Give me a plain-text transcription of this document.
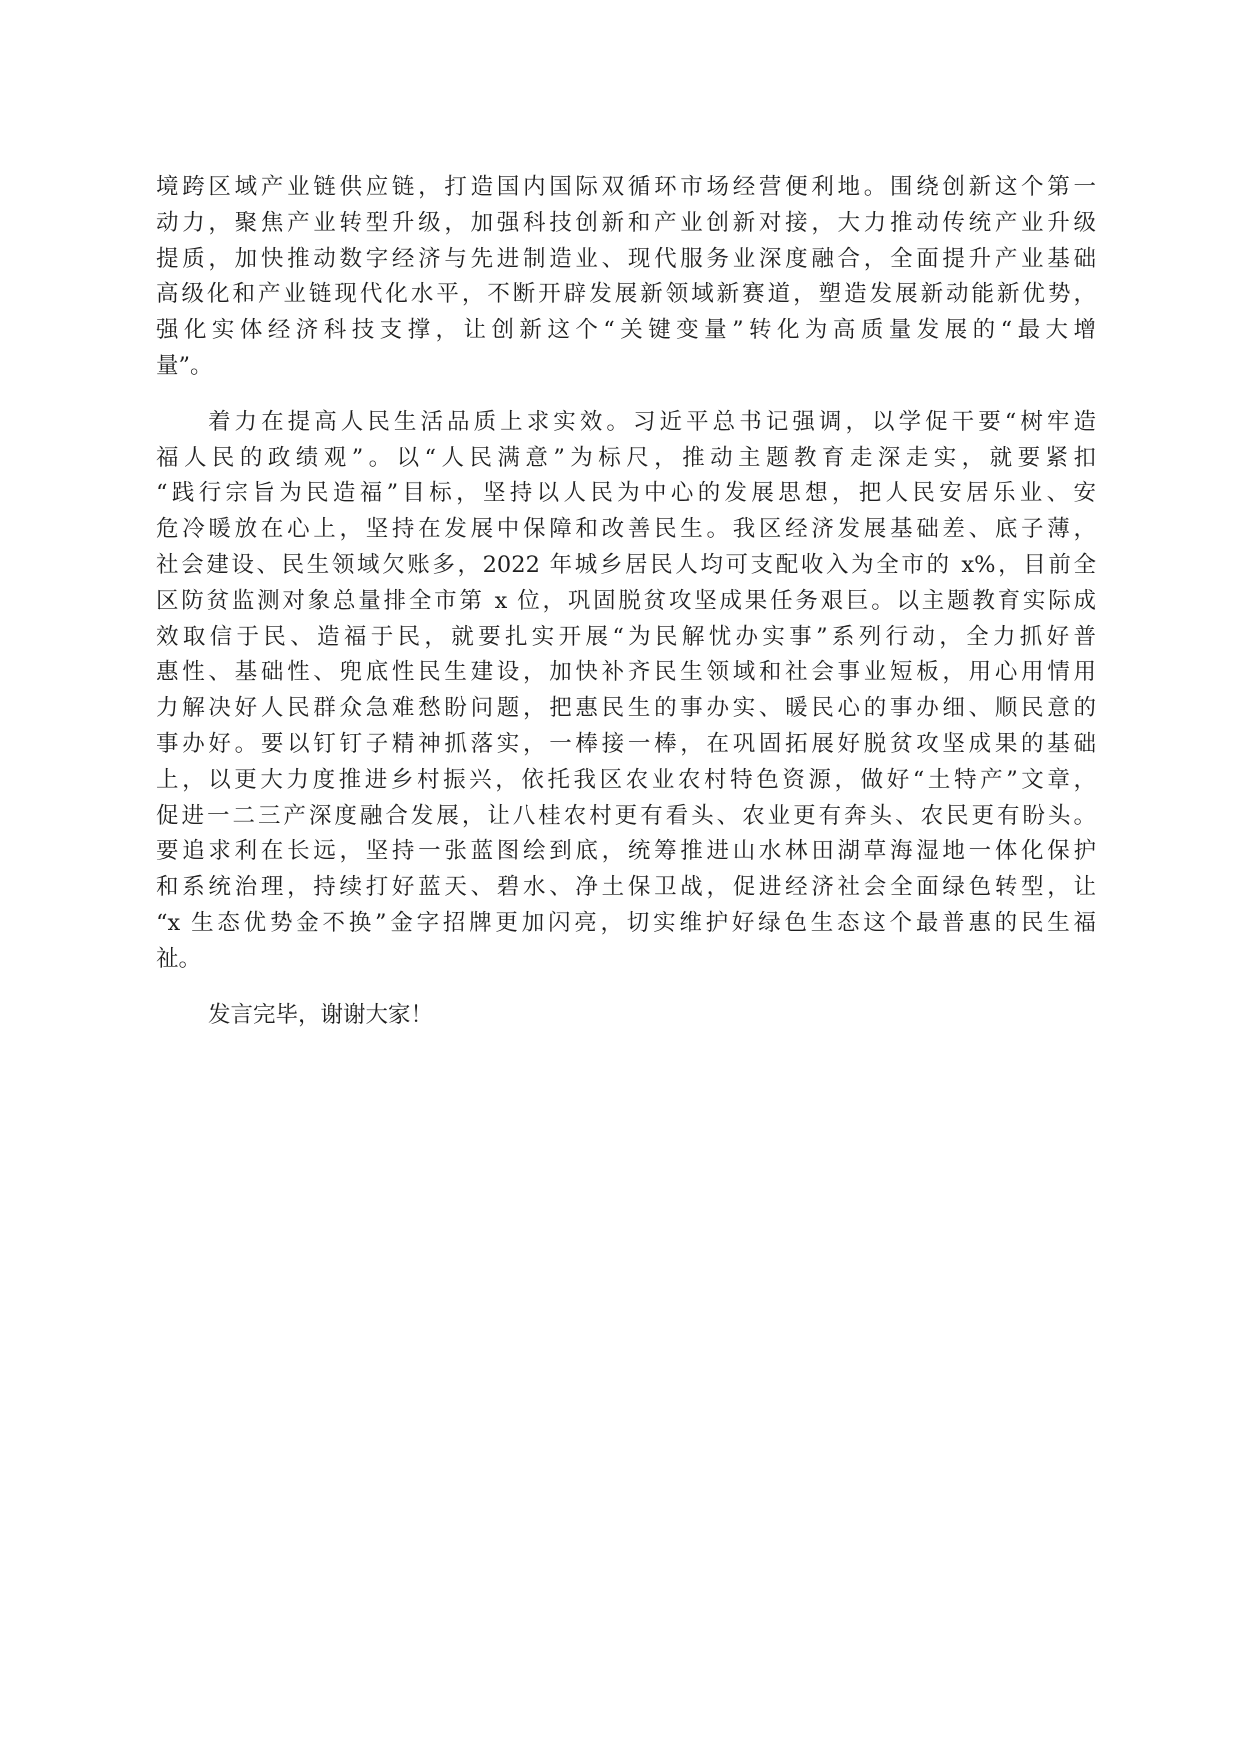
境跨区域产业链供应链，打造国内国际双循环市场经营便利地。围绕创新这个第一
动力，聚焦产业转型升级，加强科技创新和产业创新对接，大力推动传统产业升级
提质，加快推动数字经济与先进制造业、现代服务业深度融合，全面提升产业基础
高级化和产业链现代化水平，不断开辟发展新领域新赛道，塑造发展新动能新优势，
强化实体经济科技支撑，让创新这个“关键变量”转化为高质量发展的“最大增
量”。
着力在提高人民生活品质上求实效。习近平总书记强调，以学促干要“树牢造
福人民的政绩观”。以“人民满意”为标尺，推动主题教育走深走实，就要紧扣
“践行宗旨为民造福”目标，坚持以人民为中心的发展思想，把人民安居乐业、安
危冷暖放在心上，坚持在发展中保障和改善民生。我区经济发展基础差、底子薄，
社会建设、民生领域欠账多，2022 年城乡居民人均可支配收入为全市的 x%，目前全
区防贫监测对象总量排全市第 x 位，巩固脱贫攻坚成果任务艰巨。以主题教育实际成
效取信于民、造福于民，就要扎实开展“为民解忧办实事”系列行动，全力抓好普
惠性、基础性、兜底性民生建设，加快补齐民生领域和社会事业短板，用心用情用
力解决好人民群众急难愁盼问题，把惠民生的事办实、暖民心的事办细、顺民意的
事办好。要以钉钉子精神抓落实，一棒接一棒，在巩固拓展好脱贫攻坚成果的基础
上，以更大力度推进乡村振兴，依托我区农业农村特色资源，做好“土特产”文章，
促进一二三产深度融合发展，让八桂农村更有看头、农业更有奔头、农民更有盼头。
要追求利在长远，坚持一张蓝图绘到底，统筹推进山水林田湖草海湿地一体化保护
和系统治理，持续打好蓝天、碧水、净土保卫战，促进经济社会全面绿色转型，让
“x 生态优势金不换”金字招牌更加闪亮，切实维护好绿色生态这个最普惠的民生福
祉。
发言完毕，谢谢大家！
